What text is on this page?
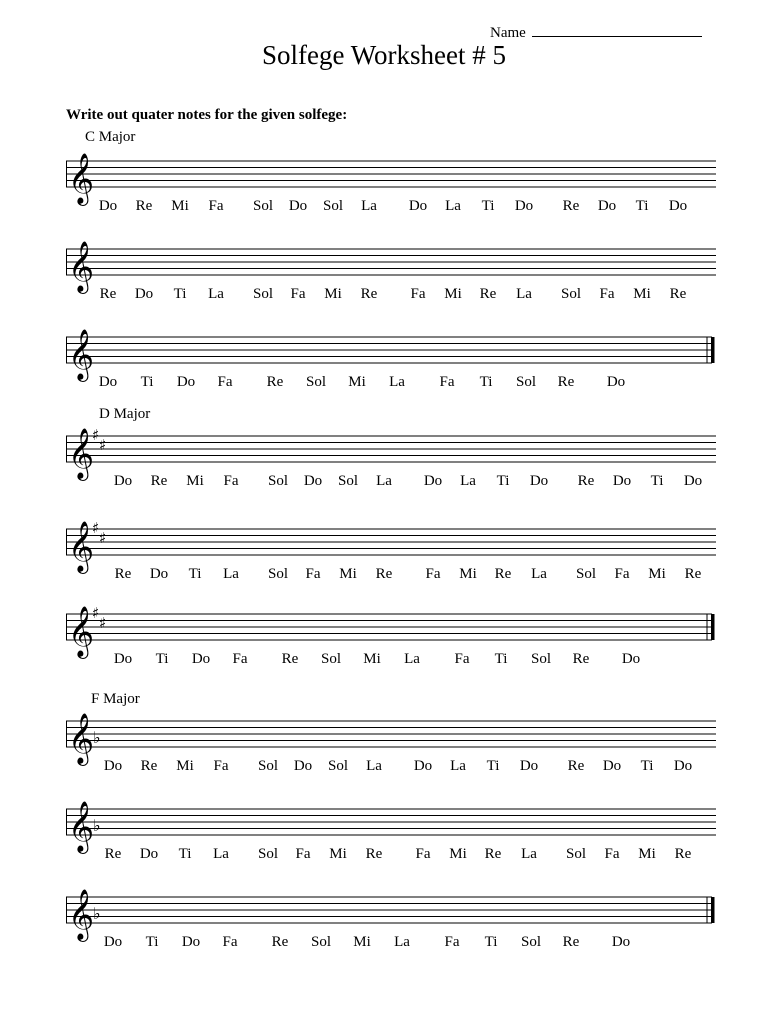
Name
Solfege Worksheet # 5
Write out quater notes for the given solfege:
C Major
𝄞
Do Re Mi Fa Sol Do Sol La Do La Ti Do Re Do Ti Do
𝄞
Re Do Ti La Sol Fa Mi Re Fa Mi Re La Sol Fa Mi Re
𝄞
Do Ti Do Fa Re Sol Mi La Fa Ti Sol Re Do
D Major
𝄞
♯
♯
Do Re Mi Fa Sol Do Sol La Do La Ti Do Re Do Ti Do
𝄞
♯
♯
Re Do Ti La Sol Fa Mi Re Fa Mi Re La Sol Fa Mi Re
𝄞
♯
♯
Do Ti Do Fa Re Sol Mi La Fa Ti Sol Re Do
F Major
𝄞
♭
Do Re Mi Fa Sol Do Sol La Do La Ti Do Re Do Ti Do
𝄞
♭
Re Do Ti La Sol Fa Mi Re Fa Mi Re La Sol Fa Mi Re
𝄞
♭
Do Ti Do Fa Re Sol Mi La Fa Ti Sol Re Do
